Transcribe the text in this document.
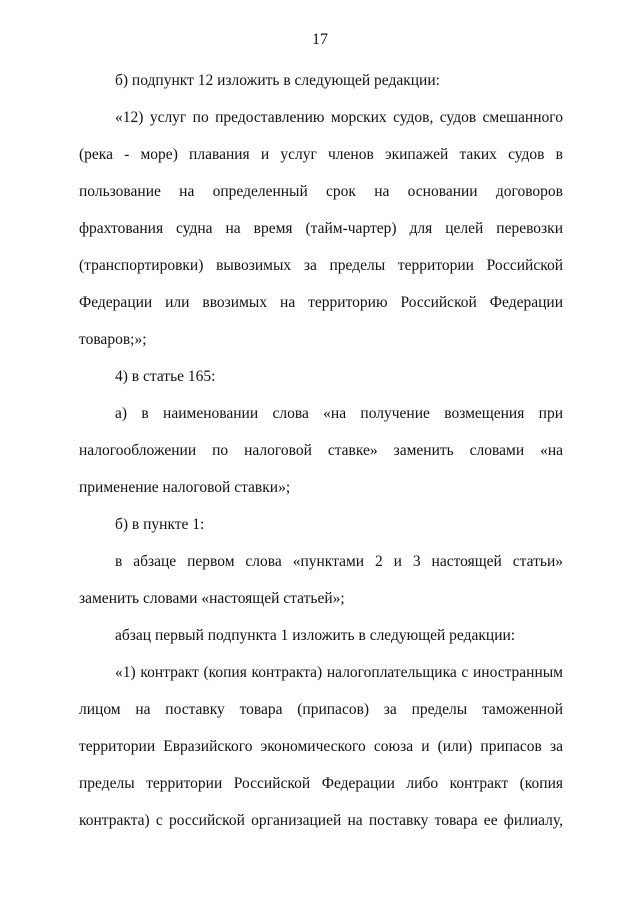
17

б) подпункт 12 изложить в следующей редакции:

«12) услуг по предоставлению морских судов, судов смешанного (река - море) плавания и услуг членов экипажей таких судов в пользование на определенный срок на основании договоров фрахтования судна на время (тайм-чартер) для целей перевозки (транспортировки) вывозимых за пределы территории Российской Федерации или ввозимых на территорию Российской Федерации товаров;»;

4) в статье 165:

а) в наименовании слова «на получение возмещения при налогообложении по налоговой ставке» заменить словами «на применение налоговой ставки»;

б) в пункте 1:

в абзаце первом слова «пунктами 2 и 3 настоящей статьи» заменить словами «настоящей статьей»;

абзац первый подпункта 1 изложить в следующей редакции:

«1) контракт (копия контракта) налогоплательщика с иностранным лицом на поставку товара (припасов) за пределы таможенной территории Евразийского экономического союза и (или) припасов за пределы территории Российской Федерации либо контракт (копия контракта) с российской организацией на поставку товара ее филиалу,
